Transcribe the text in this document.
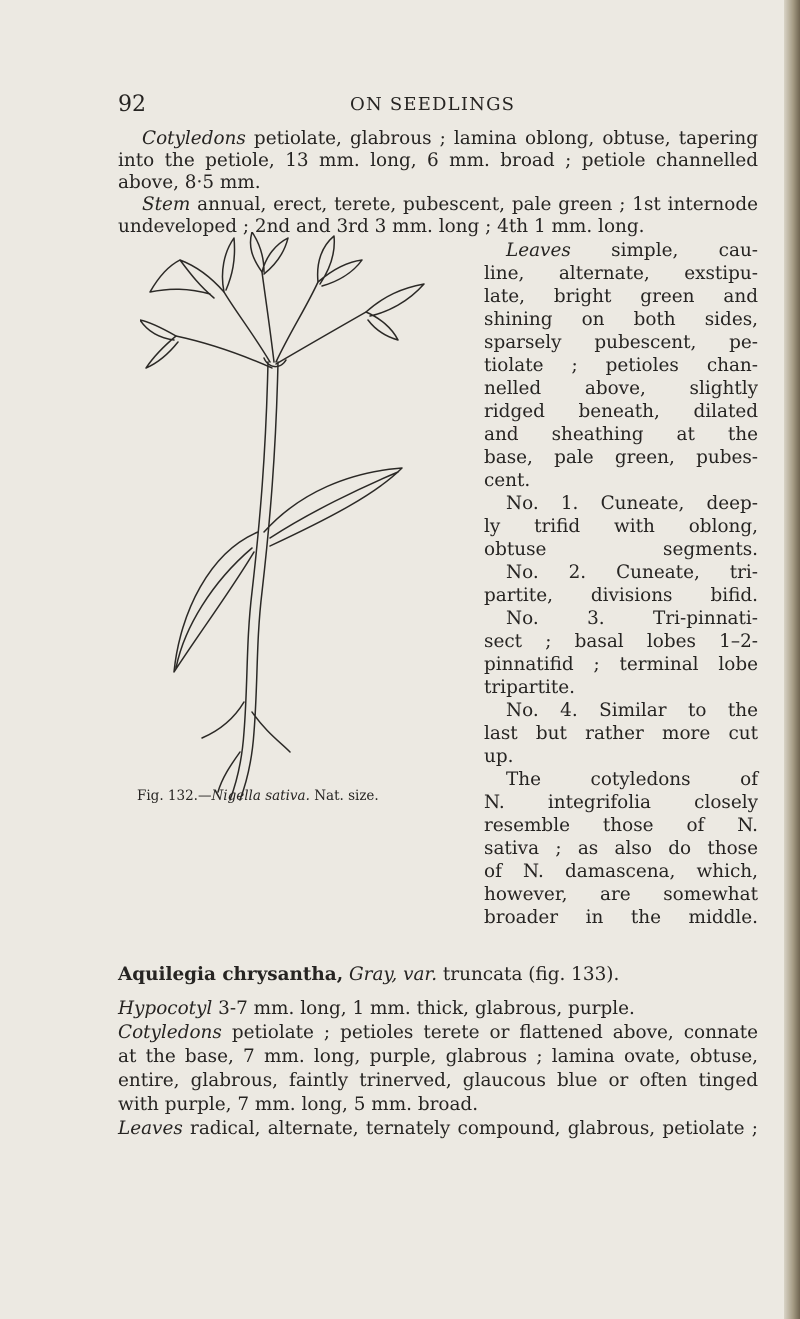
92	ON SEEDLINGS
Cotyledons petiolate, glabrous ; lamina oblong, obtuse, tapering
into the petiole, 13 mm. long, 6 mm. broad ; petiole channelled
above, 8·5 mm.
Stem annual, erect, terete, pubescent, pale green ; 1st internode
undeveloped ; 2nd and 3rd 3 mm. long ; 4th 1 mm. long.
Leaves simple, cau-
line, alternate, exstipu-
late, bright green and
shining on both sides,
sparsely pubescent, pe-
tiolate ; petioles chan-
nelled above, slightly
ridged beneath, dilated
and sheathing at the
base, pale green, pubes-
cent.
No. 1. Cuneate, deep-
ly trifid with oblong,
obtuse segments.
No. 2. Cuneate, tri-
partite, divisions bifid.
No. 3. Tri-pinnati-
sect ; basal lobes 1–2-
pinnatifid ; terminal lobe
tripartite.
No. 4. Similar to the
last but rather more cut
up.
The cotyledons of
N. integrifolia closely
resemble those of N.
sativa ; as also do those
of N. damascena, which,
however, are somewhat
broader in the middle.
Fig. 132.—Nigella sativa. Nat. size.
Aquilegia chrysantha, Gray, var. truncata (fig. 133).
Hypocotyl 3-7 mm. long, 1 mm. thick, glabrous, purple.
Cotyledons petiolate ; petioles terete or flattened above, connate
at the base, 7 mm. long, purple, glabrous ; lamina ovate, obtuse,
entire, glabrous, faintly trinerved, glaucous blue or often tinged
with purple, 7 mm. long, 5 mm. broad.
Leaves radical, alternate, ternately compound, glabrous, petiolate ;
